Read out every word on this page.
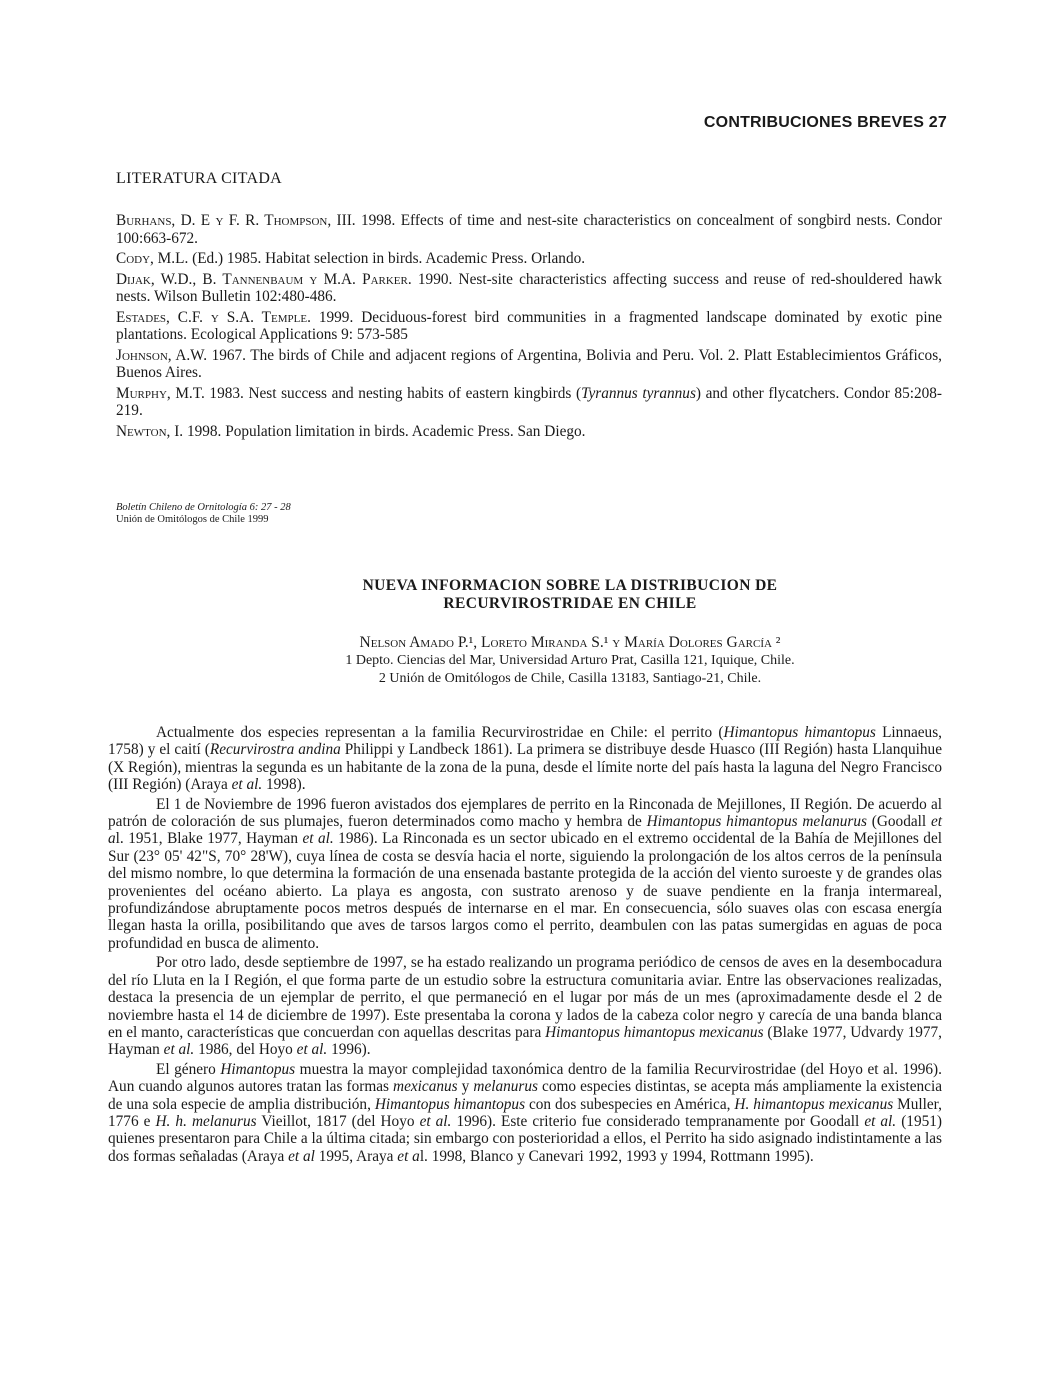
CONTRIBUCIONES BREVES 27
LITERATURA CITADA

Burhans, D. E y F. R. Thompson, III. 1998. Effects of time and nest-site characteristics on concealment of songbird nests. Condor 100:663-672.

Cody, M.L. (Ed.) 1985. Habitat selection in birds. Academic Press. Orlando.

Dijak, W.D., B. Tannenbaum y M.A. Parker. 1990. Nest-site characteristics affecting success and reuse of red-shouldered hawk nests. Wilson Bulletin 102:480-486.

Estades, C.F. y S.A. Temple. 1999. Deciduous-forest bird communities in a fragmented landscape dominated by exotic pine plantations. Ecological Applications 9: 573-585

Johnson, A.W. 1967. The birds of Chile and adjacent regions of Argentina, Bolivia and Peru. Vol. 2. Platt Establecimientos Gráficos, Buenos Aires.

Murphy, M.T. 1983. Nest success and nesting habits of eastern kingbirds (Tyrannus tyrannus) and other flycatchers. Condor 85:208-219.

Newton, I. 1998. Population limitation in birds. Academic Press. San Diego.

Boletín Chileno de Ornitología 6: 27 - 28
Unión de Omitólogos de Chile 1999
NUEVA INFORMACION SOBRE LA DISTRIBUCION DE
RECURVIROSTRIDAE EN CHILE
Nelson Amado P.¹, Loreto Miranda S.¹ y María Dolores García ²
1 Depto. Ciencias del Mar, Universidad Arturo Prat, Casilla 121, Iquique, Chile.
2 Unión de Omitólogos de Chile, Casilla 13183, Santiago-21, Chile.

Actualmente dos especies representan a la familia Recurvirostridae en Chile: el perrito (Himantopus himantopus Linnaeus, 1758) y el caití (Recurvirostra andina Philippi y Landbeck 1861). La primera se distribuye desde Huasco (III Región) hasta Llanquihue (X Región), mientras la segunda es un habitante de la zona de la puna, desde el límite norte del país hasta la laguna del Negro Francisco (III Región) (Araya et al. 1998).

El 1 de Noviembre de 1996 fueron avistados dos ejemplares de perrito en la Rinconada de Mejillones, II Región. De acuerdo al patrón de coloración de sus plumajes, fueron determinados como macho y hembra de Himantopus himantopus melanurus (Goodall et al. 1951, Blake 1977, Hayman et al. 1986). La Rinconada es un sector ubicado en el extremo occidental de la Bahía de Mejillones del Sur (23° 05' 42"S, 70° 28'W), cuya línea de costa se desvía hacia el norte, siguiendo la prolongación de los altos cerros de la península del mismo nombre, lo que determina la formación de una ensenada bastante protegida de la acción del viento suroeste y de grandes olas provenientes del océano abierto. La playa es angosta, con sustrato arenoso y de suave pendiente en la franja intermareal, profundizándose abruptamente pocos metros después de internarse en el mar. En consecuencia, sólo suaves olas con escasa energía llegan hasta la orilla, posibilitando que aves de tarsos largos como el perrito, deambulen con las patas sumergidas en aguas de poca profundidad en busca de alimento.

Por otro lado, desde septiembre de 1997, se ha estado realizando un programa periódico de censos de aves en la desembocadura del río Lluta en la I Región, el que forma parte de un estudio sobre la estructura comunitaria aviar. Entre las observaciones realizadas, destaca la presencia de un ejemplar de perrito, el que permaneció en el lugar por más de un mes (aproximadamente desde el 2 de noviembre hasta el 14 de diciembre de 1997). Este presentaba la corona y lados de la cabeza color negro y carecía de una banda blanca en el manto, características que concuerdan con aquellas descritas para Himantopus himantopus mexicanus (Blake 1977, Udvardy 1977, Hayman et al. 1986, del Hoyo et al. 1996).

El género Himantopus muestra la mayor complejidad taxonómica dentro de la familia Recurvirostridae (del Hoyo et al. 1996). Aun cuando algunos autores tratan las formas mexicanus y melanurus como especies distintas, se acepta más ampliamente la existencia de una sola especie de amplia distribución, Himantopus himantopus con dos subespecies en América, H. himantopus mexicanus Muller, 1776 e H. h. melanurus Vieillot, 1817 (del Hoyo et al. 1996). Este criterio fue considerado tempranamente por Goodall et al. (1951) quienes presentaron para Chile a la última citada; sin embargo con posterioridad a ellos, el Perrito ha sido asignado indistintamente a las dos formas señaladas (Araya et al 1995, Araya et al. 1998, Blanco y Canevari 1992, 1993 y 1994, Rottmann 1995).
